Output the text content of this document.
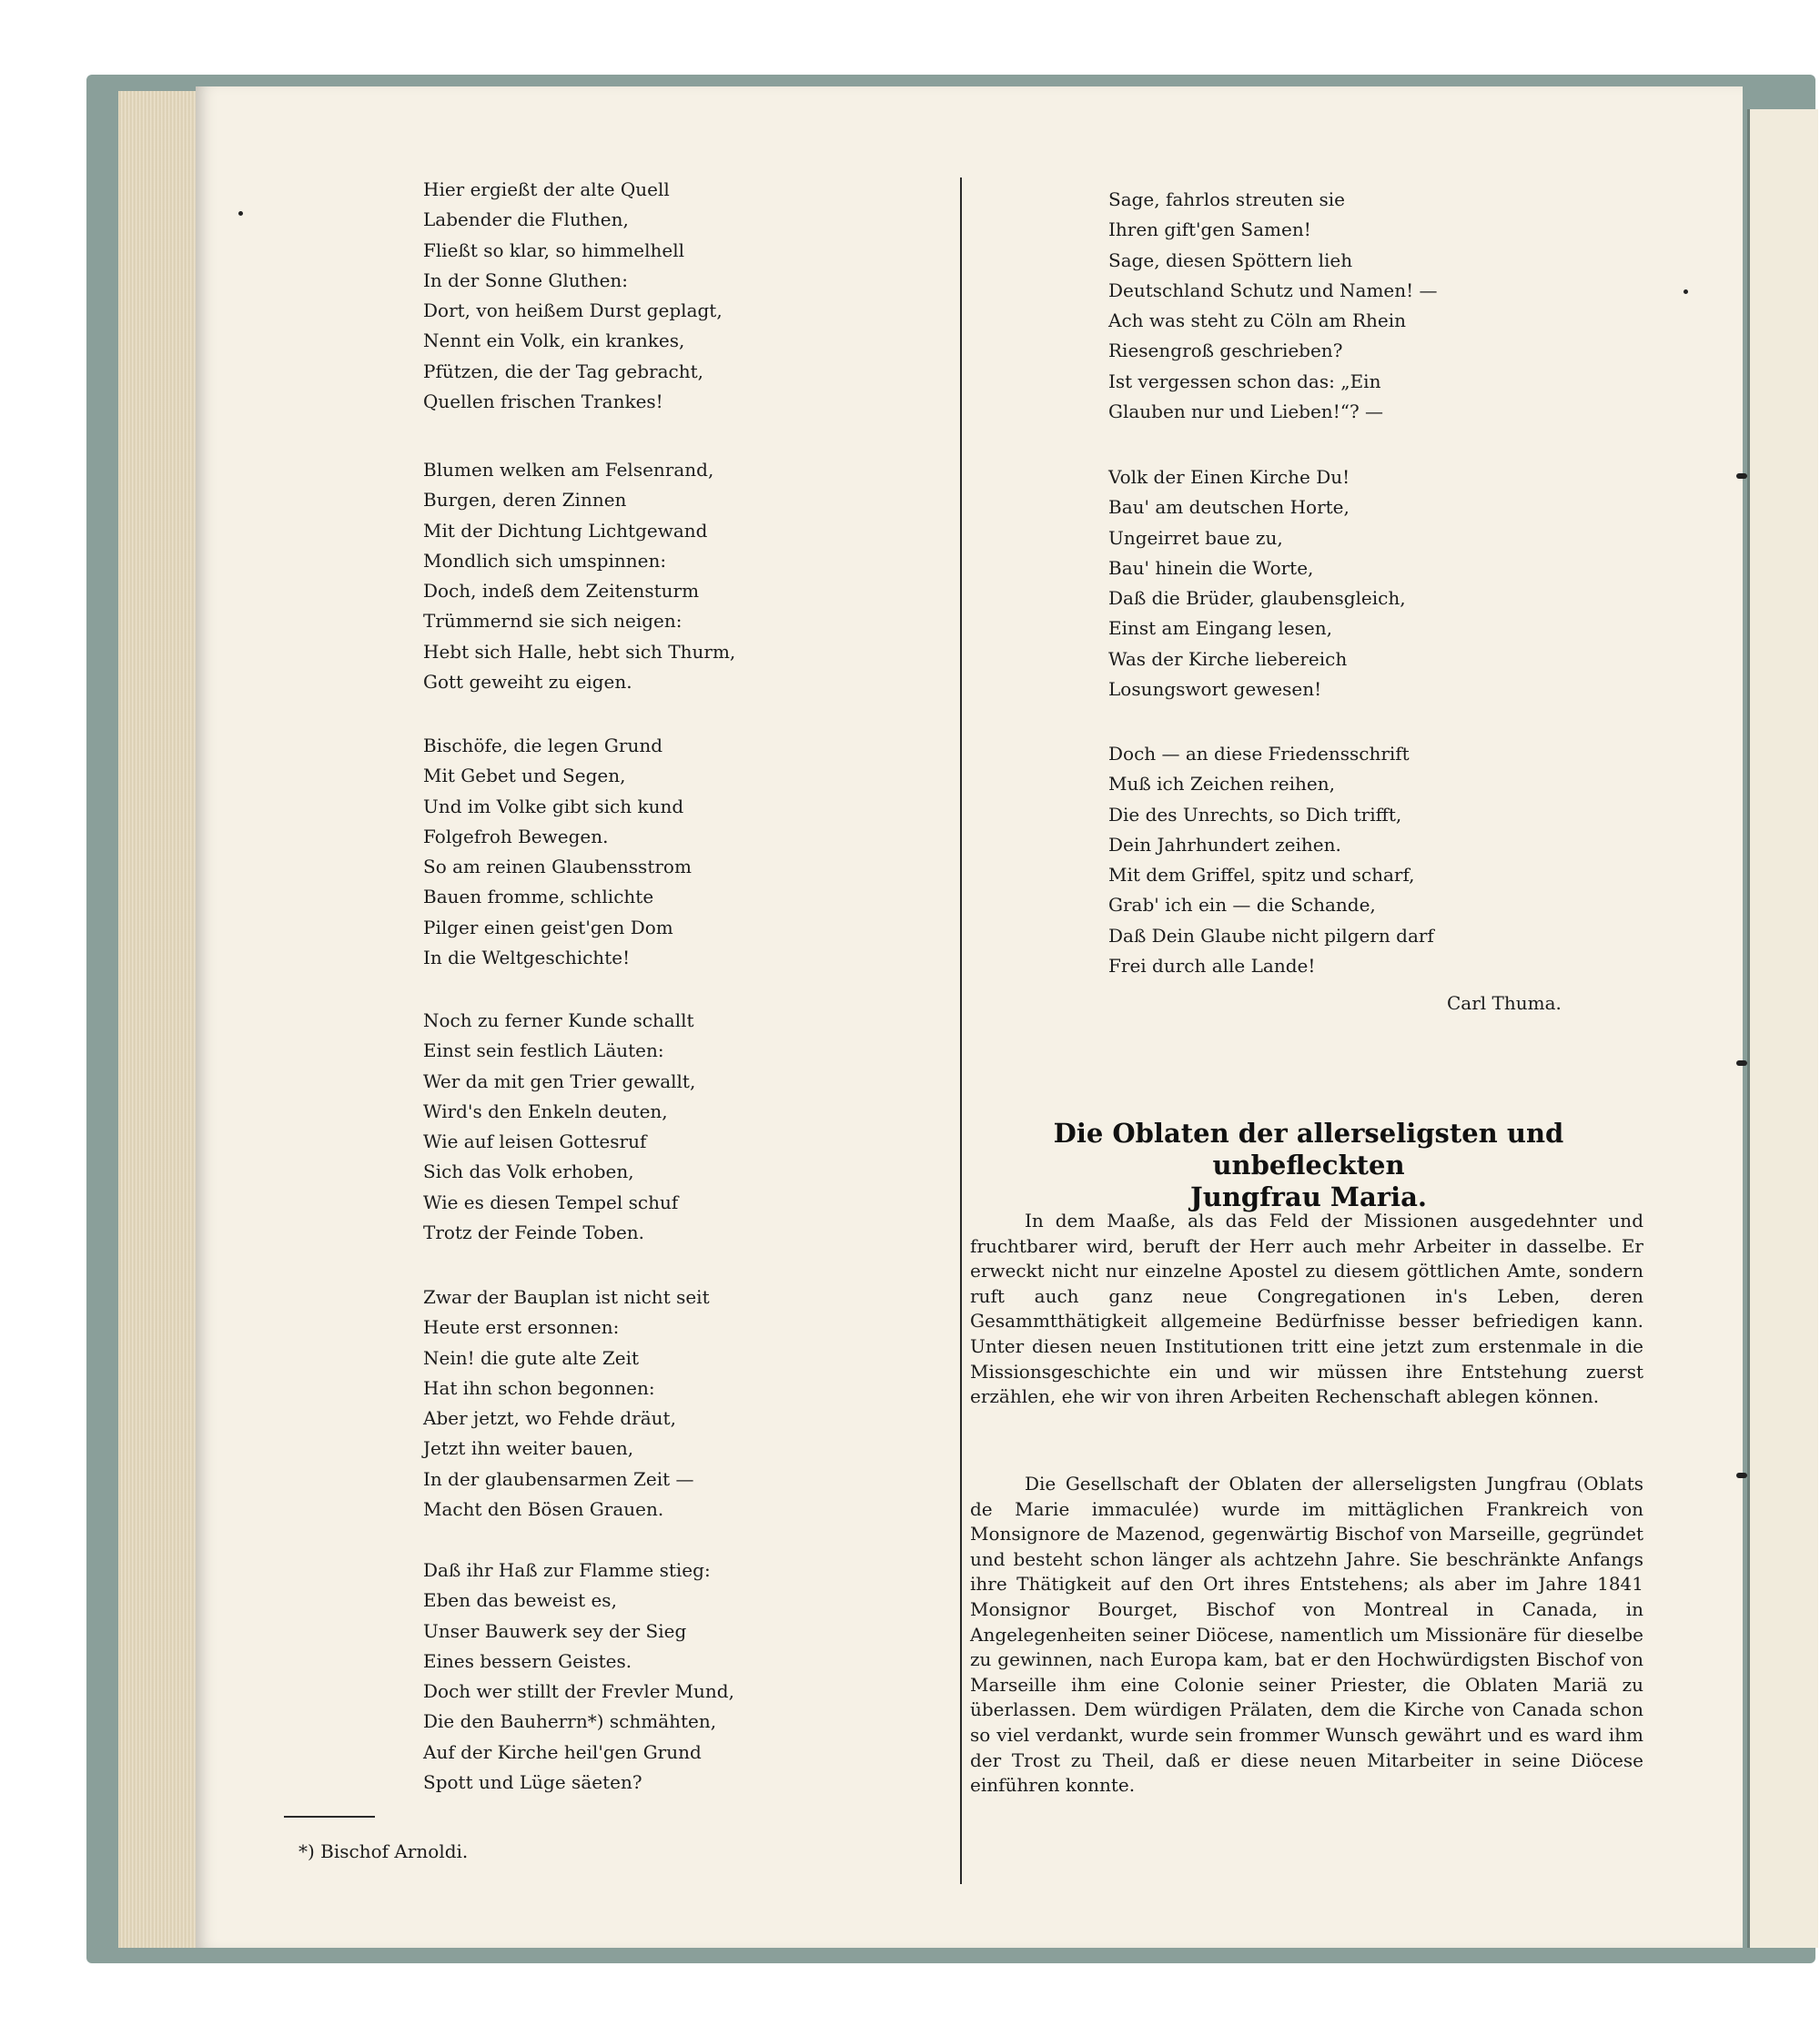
Hier ergießt der alte Quell
Labender die Fluthen,
Fließt so klar, so himmelhell
In der Sonne Gluthen:
Dort, von heißem Durst geplagt,
Nennt ein Volk, ein krankes,
Pfützen, die der Tag gebracht,
Quellen frischen Trankes!
Blumen welken am Felsenrand,
Burgen, deren Zinnen
Mit der Dichtung Lichtgewand
Mondlich sich umspinnen:
Doch, indeß dem Zeitensturm
Trümmernd sie sich neigen:
Hebt sich Halle, hebt sich Thurm,
Gott geweiht zu eigen.
Bischöfe, die legen Grund
Mit Gebet und Segen,
Und im Volke gibt sich kund
Folgefroh Bewegen.
So am reinen Glaubensstrom
Bauen fromme, schlichte
Pilger einen geist'gen Dom
In die Weltgeschichte!
Noch zu ferner Kunde schallt
Einst sein festlich Läuten:
Wer da mit gen Trier gewallt,
Wird's den Enkeln deuten,
Wie auf leisen Gottesruf
Sich das Volk erhoben,
Wie es diesen Tempel schuf
Trotz der Feinde Toben.
Zwar der Bauplan ist nicht seit
Heute erst ersonnen:
Nein! die gute alte Zeit
Hat ihn schon begonnen:
Aber jetzt, wo Fehde dräut,
Jetzt ihn weiter bauen,
In der glaubensarmen Zeit —
Macht den Bösen Grauen.
Daß ihr Haß zur Flamme stieg:
Eben das beweist es,
Unser Bauwerk sey der Sieg
Eines bessern Geistes.
Doch wer stillt der Frevler Mund,
Die den Bauherrn*) schmähten,
Auf der Kirche heil'gen Grund
Spott und Lüge säeten?
*) Bischof Arnoldi.
Sage, fahrlos streuten sie
Ihren gift'gen Samen!
Sage, diesen Spöttern lieh
Deutschland Schutz und Namen! —
Ach was steht zu Cöln am Rhein
Riesengroß geschrieben?
Ist vergessen schon das: „Ein
Glauben nur und Lieben!“? —
Volk der Einen Kirche Du!
Bau' am deutschen Horte,
Ungeirret baue zu,
Bau' hinein die Worte,
Daß die Brüder, glaubensgleich,
Einst am Eingang lesen,
Was der Kirche liebereich
Losungswort gewesen!
Doch — an diese Friedensschrift
Muß ich Zeichen reihen,
Die des Unrechts, so Dich trifft,
Dein Jahrhundert zeihen.
Mit dem Griffel, spitz und scharf,
Grab' ich ein — die Schande,
Daß Dein Glaube nicht pilgern darf
Frei durch alle Lande!
Carl Thuma.
Die Oblaten der allerseligsten und unbefleckten
Jungfrau Maria.

In dem Maaße, als das Feld der Missionen ausgedehnter und fruchtbarer wird, beruft der Herr auch mehr Arbeiter in dasselbe. Er erweckt nicht nur einzelne Apostel zu diesem göttlichen Amte, sondern ruft auch ganz neue Congregationen in's Leben, deren Gesammtthätigkeit allgemeine Bedürfnisse besser befriedigen kann. Unter diesen neuen Institutionen tritt eine jetzt zum erstenmale in die Missionsgeschichte ein und wir müssen ihre Entstehung zuerst erzählen, ehe wir von ihren Arbeiten Rechenschaft ablegen können.

Die Gesellschaft der Oblaten der allerseligsten Jungfrau (Oblats de Marie immaculée) wurde im mittäglichen Frankreich von Monsignore de Mazenod, gegenwärtig Bischof von Marseille, gegründet und besteht schon länger als achtzehn Jahre. Sie beschränkte Anfangs ihre Thätigkeit auf den Ort ihres Entstehens; als aber im Jahre 1841 Monsignor Bourget, Bischof von Montreal in Canada, in Angelegenheiten seiner Diöcese, namentlich um Missionäre für dieselbe zu gewinnen, nach Europa kam, bat er den Hochwürdigsten Bischof von Marseille ihm eine Colonie seiner Priester, die Oblaten Mariä zu überlassen. Dem würdigen Prälaten, dem die Kirche von Canada schon so viel verdankt, wurde sein frommer Wunsch gewährt und es ward ihm der Trost zu Theil, daß er diese neuen Mitarbeiter in seine Diöcese einführen konnte.
